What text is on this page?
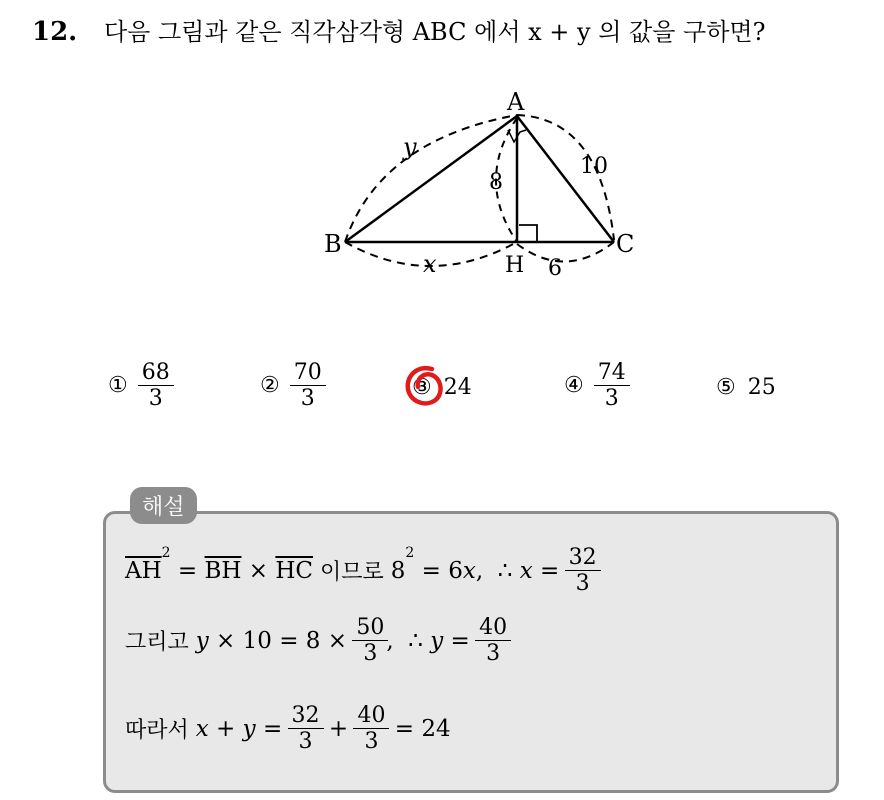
12.	다음 그림과 같은 직각삼각형 ABC 에서 x + y 의 값을 구하면?
A
B	C
H
y
10
8
x	6
① $\frac{68}{3}$	② $\frac{70}{3}$	③ 24	④ $\frac{74}{3}$	⑤ 25
해설
$\overline{AH}$
$^2$
= $\overline{BH} \times \overline{HC}$ 이므로 8
$^2$
= 6 x ,  ∴ $x = \frac{32}{3}$
그리고 $y \times 10 = 8 \times \frac{50}{3}$ ,  ∴ $y = \frac{40}{3}$
따라서 $x + y = \frac{32}{3} + \frac{40}{3} = 24$
